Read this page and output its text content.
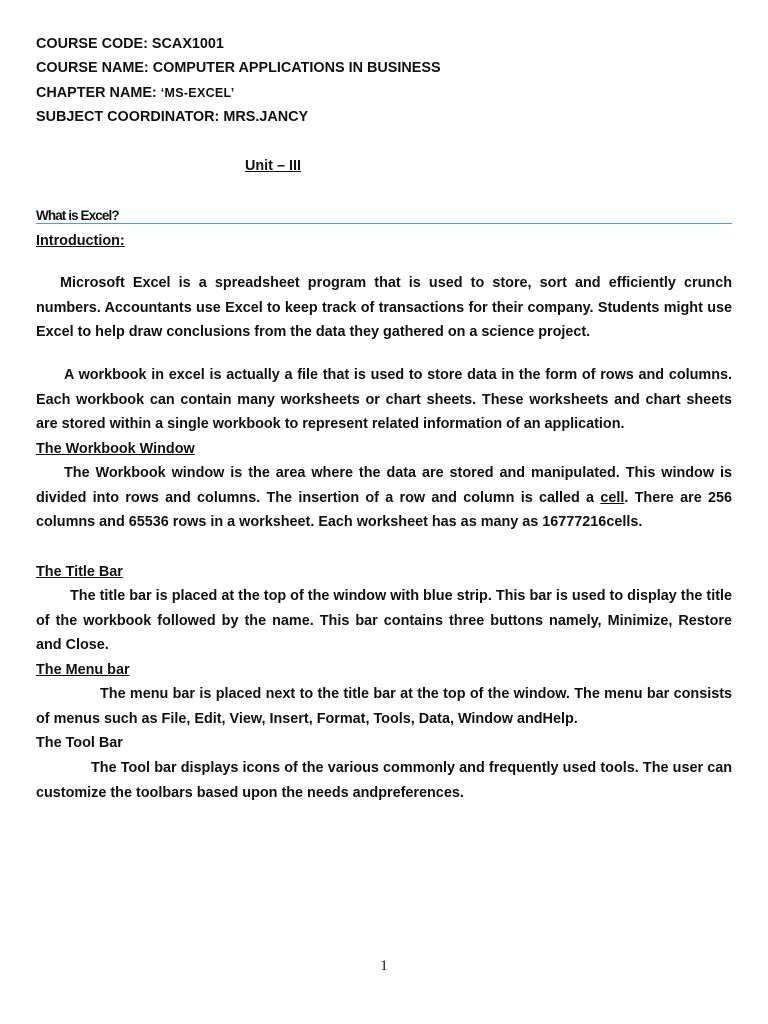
COURSE CODE: SCAX1001
COURSE NAME: COMPUTER APPLICATIONS IN BUSINESS
CHAPTER NAME: ‘MS-EXCEL’
SUBJECT COORDINATOR: MRS.JANCY
Unit – III
What is Excel?
Introduction:
Microsoft Excel is a spreadsheet program that is used to store, sort and efficiently crunch numbers. Accountants use Excel to keep track of transactions for their company. Students might use Excel to help draw conclusions from the data they gathered on a science project.
A workbook in excel is actually a file that is used to store data in the form of rows and columns. Each workbook can contain many worksheets or chart sheets. These worksheets and chart sheets are stored within a single workbook to represent related information of an application.
The Workbook Window
The Workbook window is the area where the data are stored and manipulated. This window is divided into rows and columns. The insertion of a row and column is called a cell. There are 256 columns and 65536 rows in a worksheet. Each worksheet has as many as 16777216cells.
The Title Bar
The title bar is placed at the top of the window with blue strip. This bar is used to display the title of the workbook followed by the name. This bar contains three buttons namely, Minimize, Restore and Close.
The Menu bar
The menu bar is placed next to the title bar at the top of the window. The menu bar consists of menus such as File, Edit, View, Insert, Format, Tools, Data, Window andHelp.
The Tool Bar
The Tool bar displays icons of the various commonly and frequently used tools. The user can customize the toolbars based upon the needs andpreferences.
1
